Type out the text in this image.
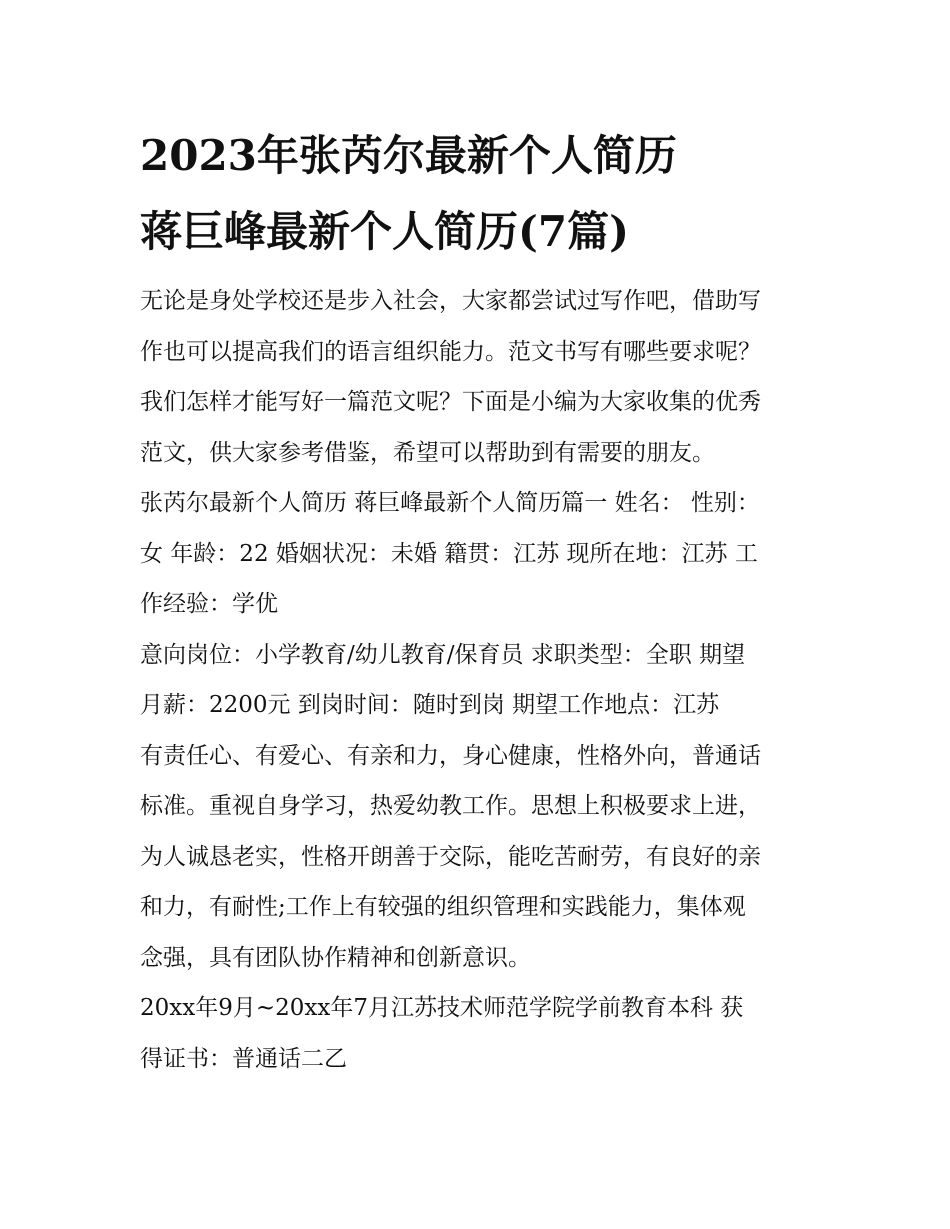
2023年张芮尔最新个人简历
蒋巨峰最新个人简历(7篇)

无论是身处学校还是步入社会，大家都尝试过写作吧，借助写
作也可以提高我们的语言组织能力。范文书写有哪些要求呢？
我们怎样才能写好一篇范文呢？下面是小编为大家收集的优秀
范文，供大家参考借鉴，希望可以帮助到有需要的朋友。

张芮尔最新个人简历 蒋巨峰最新个人简历篇一 姓名： 性别：
女 年龄：22 婚姻状况：未婚 籍贯：江苏 现所在地：江苏 工
作经验：学优

意向岗位：小学教育/幼儿教育/保育员 求职类型：全职 期望
月薪：2200元 到岗时间：随时到岗 期望工作地点：江苏

有责任心、有爱心、有亲和力，身心健康，性格外向，普通话
标准。重视自身学习，热爱幼教工作。思想上积极要求上进，
为人诚恳老实，性格开朗善于交际，能吃苦耐劳，有良好的亲
和力，有耐性;工作上有较强的组织管理和实践能力，集体观
念强，具有团队协作精神和创新意识。

20xx年9月~20xx年7月江苏技术师范学院学前教育本科 获
得证书：普通话二乙
